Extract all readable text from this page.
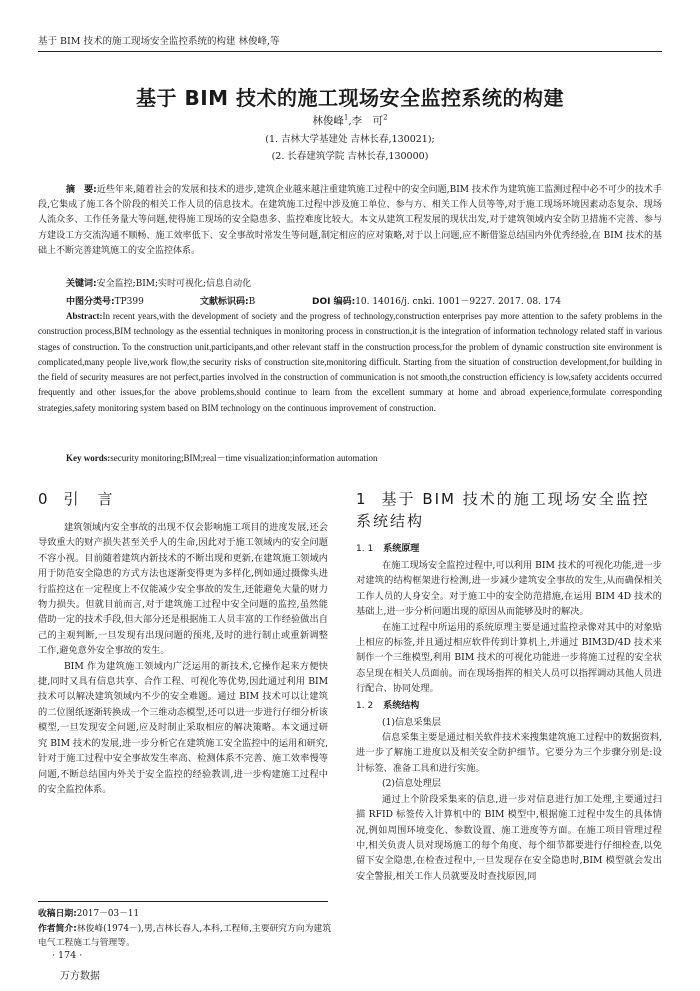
基于 BIM 技术的施工现场安全监控系统的构建 林俊峰,等
基于 BIM 技术的施工现场安全监控系统的构建
林俊峰$^1$,李　可$^2$
(1. 吉林大学基建处 吉林长春,130021);
(2. 长春建筑学院 吉林长春,130000)
摘　要:近些年来,随着社会的发展和技术的进步,建筑企业越来越注重建筑施工过程中的安全问题,BIM 技术作为建筑施工监测过程中必不可少的技术手段,它集成了施工各个阶段的相关工作人员的信息技术。在建筑施工过程中涉及施工单位、参与方、相关工作人员等等,对于施工现场环境因素动态复杂、现场人流众多、工作任务量大等问题,使得施工现场的安全隐患多、监控难度比较大。本文从建筑工程发展的现状出发,对于建筑领域内安全防卫措施不完善、参与方建设工方交流沟通不顺畅、施工效率低下、安全事故时常发生等问题,制定相应的应对策略,对于以上问题,应不断借鉴总结国内外优秀经验,在 BIM 技术的基础上不断完善建筑施工的安全监控体系。
关键词:安全监控;BIM;实时可视化;信息自动化
中图分类号:TP399	文献标识码:B	DOI 编码:10. 14016/j. cnki. 1001－9227. 2017. 08. 174
Abstract:In recent years,with the development of society and the progress of technology,construction enterprises pay more attention to the safety problems in the construction process,BIM technology as the essential techniques in monitoring process in construction,it is the integration of information technology related staff in various stages of construction. To the construction unit,participants,and other relevant staff in the construction process,for the problem of dynamic construction site environment is complicated,many people live,work flow,the security risks of construction site,monitoring difficult. Starting from the situation of construction development,for building in the field of security measures are not perfect,parties involved in the construction of communication is not smooth,the construction efficiency is low,safety accidents occurred frequently and other issues,for the above problems,should continue to learn from the excellent summary at home and abroad experience,formulate corresponding strategies,safety monitoring system based on BIM technology on the continuous improvement of construction.
Key words:security monitoring;BIM;real－time visualization;information automation
0 引　言

建筑领域内安全事故的出现不仅会影响施工项目的进度发展,还会导致重大的财产损失甚至关乎人的生命,因此对于施工领域内的安全问题不容小视。目前随着建筑内新技术的不断出现和更新,在建筑施工领域内用于防范安全隐患的方式方法也逐渐变得更为多样化,例如通过摄像头进行监控这在一定程度上不仅能减少安全事故的发生,还能避免大量的财力物力损失。但就目前而言,对于建筑施工过程中安全问题的监控,虽然能借助一定的技术手段,但大部分还是根据施工人员丰富的工作经验做出自己的主观判断,一旦发现有出现问题的预兆,及时的进行制止或重新调整工作,避免意外安全事故的发生。

BIM 作为建筑施工领域内广泛运用的新技术,它操作起来方便快捷,同时又具有信息共享、合作工程、可视化等优势,因此通过利用 BIM 技术可以解决建筑领域内不少的安全难题。通过 BIM 技术可以让建筑的二位图纸逐渐转换成一个三维动态模型,还可以进一步进行仔细分析该模型,一旦发现安全问题,应及时制止采取相应的解决策略。本文通过研究 BIM 技术的发展,进一步分析它在建筑施工安全监控中的运用和研究,针对于施工过程中安全事故发生率高、检测体系不完善、施工效率慢等问题,不断总结国内外关于安全监控的经验教训,进一步构建施工过程中的安全监控体系。

1 基于 BIM 技术的施工现场安全监控系统结构
1. 1 系统原理

在施工现场安全监控过程中,可以利用 BIM 技术的可视化功能,进一步对建筑的结构框架进行检测,进一步减少建筑安全事故的发生,从而确保相关工作人员的人身安全。对于施工中的安全防范措施,在运用 BIM 4D 技术的基础上,进一步分析问题出现的原因从而能够及时的解决。

在施工过程中所运用的系统原理主要是通过监控录像对其中的对象贴上相应的标签,并且通过相应软件传到计算机上,并通过 BIM3D/4D 技术来制作一个三维模型,利用 BIM 技术的可视化功能进一步将施工过程的安全状态呈现在相关人员面前。而在现场指挥的相关人员可以指挥调动其他人员进行配合、协同处理。

1. 2 系统结构

(1)信息采集层

信息采集主要是通过相关软件技术来搜集建筑施工过程中的数据资料,进一步了解施工进度以及相关安全防护细节。它要分为三个步骤分别是:设计标签、准备工具和进行实施。

(2)信息处理层

通过上个阶段采集来的信息,进一步对信息进行加工处理,主要通过扫描 RFID 标签传入计算机中的 BIM 模型中,根据施工过程中发生的具体情况,例如周围环境变化、参数设置、施工进度等方面。在施工项目管理过程中,相关负责人员对现场施工的每个角度、每个细节都要进行仔细检查,以免留下安全隐患,在检查过程中,一旦发现存在安全隐患时,BIM 模型就会发出安全警报,相关工作人员就要及时查找原因,同

收稿日期:2017－03－11
作者简介:林俊峰(1974－),男,吉林长春人,本科,工程师,主要研究方向为建筑电气工程施工与管理等。
· 174 ·
万方数据
